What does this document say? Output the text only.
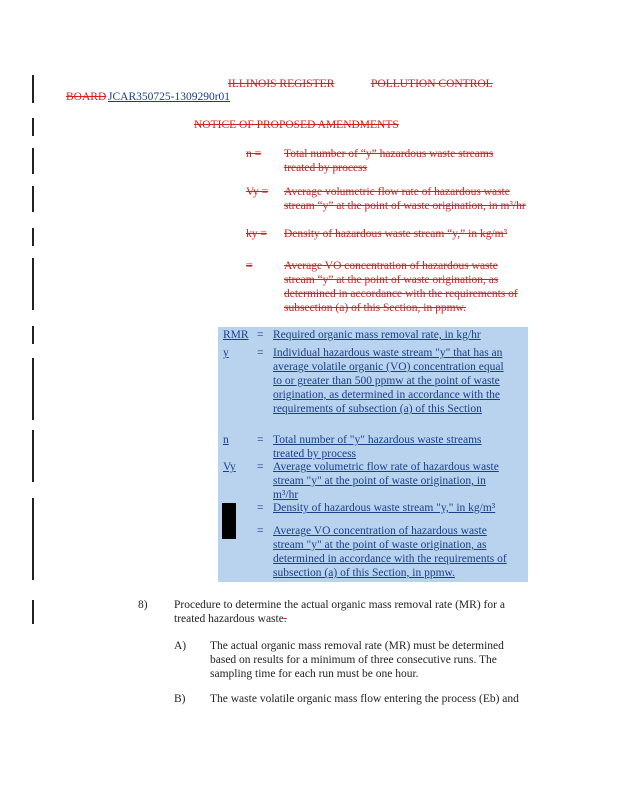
ILLINOIS REGISTER	POLLUTION CONTROL
BOARD JCAR350725-1309290r01
NOTICE OF PROPOSED AMENDMENTS
n = Total number of “y” hazardous waste streams
treated by process
Vy = Average volumetric flow rate of hazardous waste
stream “y” at the point of waste origination, in m³/hr
ky = Density of hazardous waste stream “y,” in kg/m³
=	Average VO concentration of hazardous waste
stream “y” at the point of waste origination, as
determined in accordance with the requirements of
subsection (a) of this Section, in ppmw.
RMR = Required organic mass removal rate, in kg/hr
y = Individual hazardous waste stream "y" that has an
average volatile organic (VO) concentration equal
to or greater than 500 ppmw at the point of waste
origination, as determined in accordance with the
requirements of subsection (a) of this Section
n = Total number of "y" hazardous waste streams
treated by process
Vy = Average volumetric flow rate of hazardous waste
stream "y" at the point of waste origination, in
m³/hr
= Density of hazardous waste stream "y," in kg/m³
= Average VO concentration of hazardous waste
stream "y" at the point of waste origination, as
determined in accordance with the requirements of
subsection (a) of this Section, in ppmw.
8) Procedure to determine the actual organic mass removal rate (MR) for a
treated hazardous waste.
A) The actual organic mass removal rate (MR) must be determined
based on results for a minimum of three consecutive runs. The
sampling time for each run must be one hour.
B) The waste volatile organic mass flow entering the process (Eb) and
